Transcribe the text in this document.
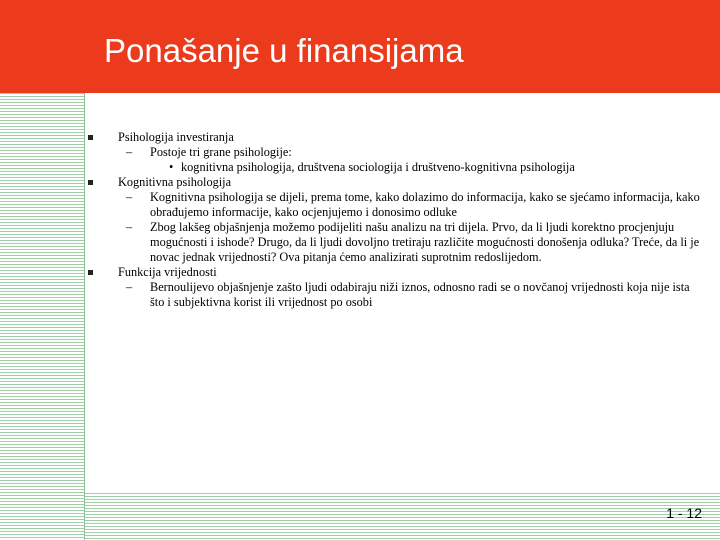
Ponašanje u finansijama
Psihologija investiranja
– Postoje tri grane psihologije:
• kognitivna psihologija, društvena sociologija i društveno-kognitivna psihologija
Kognitivna psihologija
– Kognitivna psihologija se dijeli, prema tome, kako dolazimo do informacija, kako se sjećamo informacija, kako obrađujemo informacije, kako ocjenjujemo i donosimo odluke
– Zbog lakšeg objašnjenja možemo podijeliti našu analizu na tri dijela. Prvo, da li ljudi korektno procjenjuju mogućnosti i ishode? Drugo, da li ljudi dovoljno tretiraju različite mogućnosti donošenja odluka? Treće, da li je novac jednak vrijednosti? Ova pitanja ćemo analizirati suprotnim redoslijedom.
Funkcija vrijednosti
– Bernoulijevo objašnjenje zašto ljudi odabiraju niži iznos, odnosno radi se o novčanoj vrijednosti koja nije ista što i subjektivna korist ili vrijednost po osobi
1 - 12
